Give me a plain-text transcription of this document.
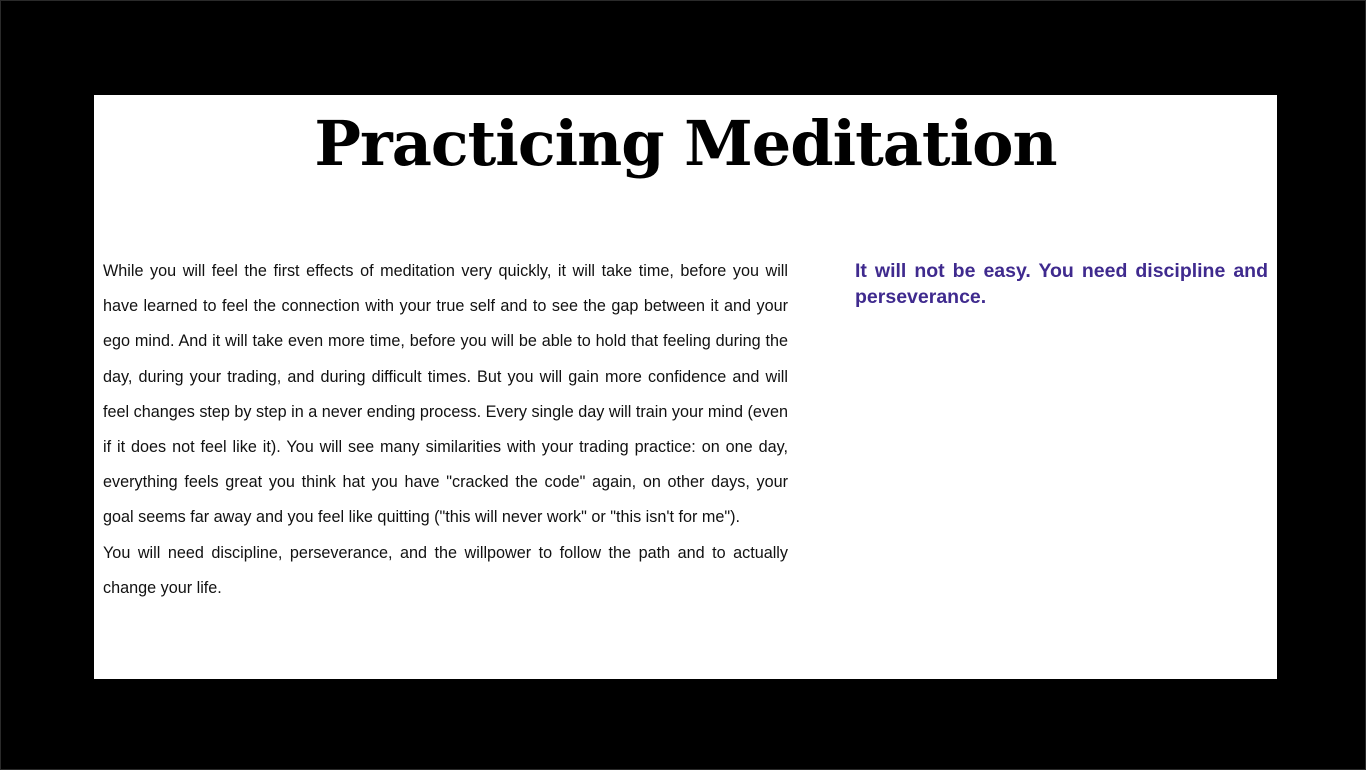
Practicing Meditation

While you will feel the first effects of meditation very quickly, it will take time, before you will have learned to feel the connection with your true self and to see the gap between it and your ego mind. And it will take even more time, before you will be able to hold that feeling during the day, during your trading, and during difficult times. But you will gain more confidence and will feel changes step by step in a never ending process. Every single day will train your mind (even if it does not feel like it). You will see many similarities with your trading practice: on one day, everything feels great you think hat you have "cracked the code" again, on other days, your goal seems far away and you feel like quitting ("this will never work" or "this isn't for me").

You will need discipline, perseverance, and the willpower to follow the path and to actually change your life.

It will not be easy. You need discipline and perseverance.
